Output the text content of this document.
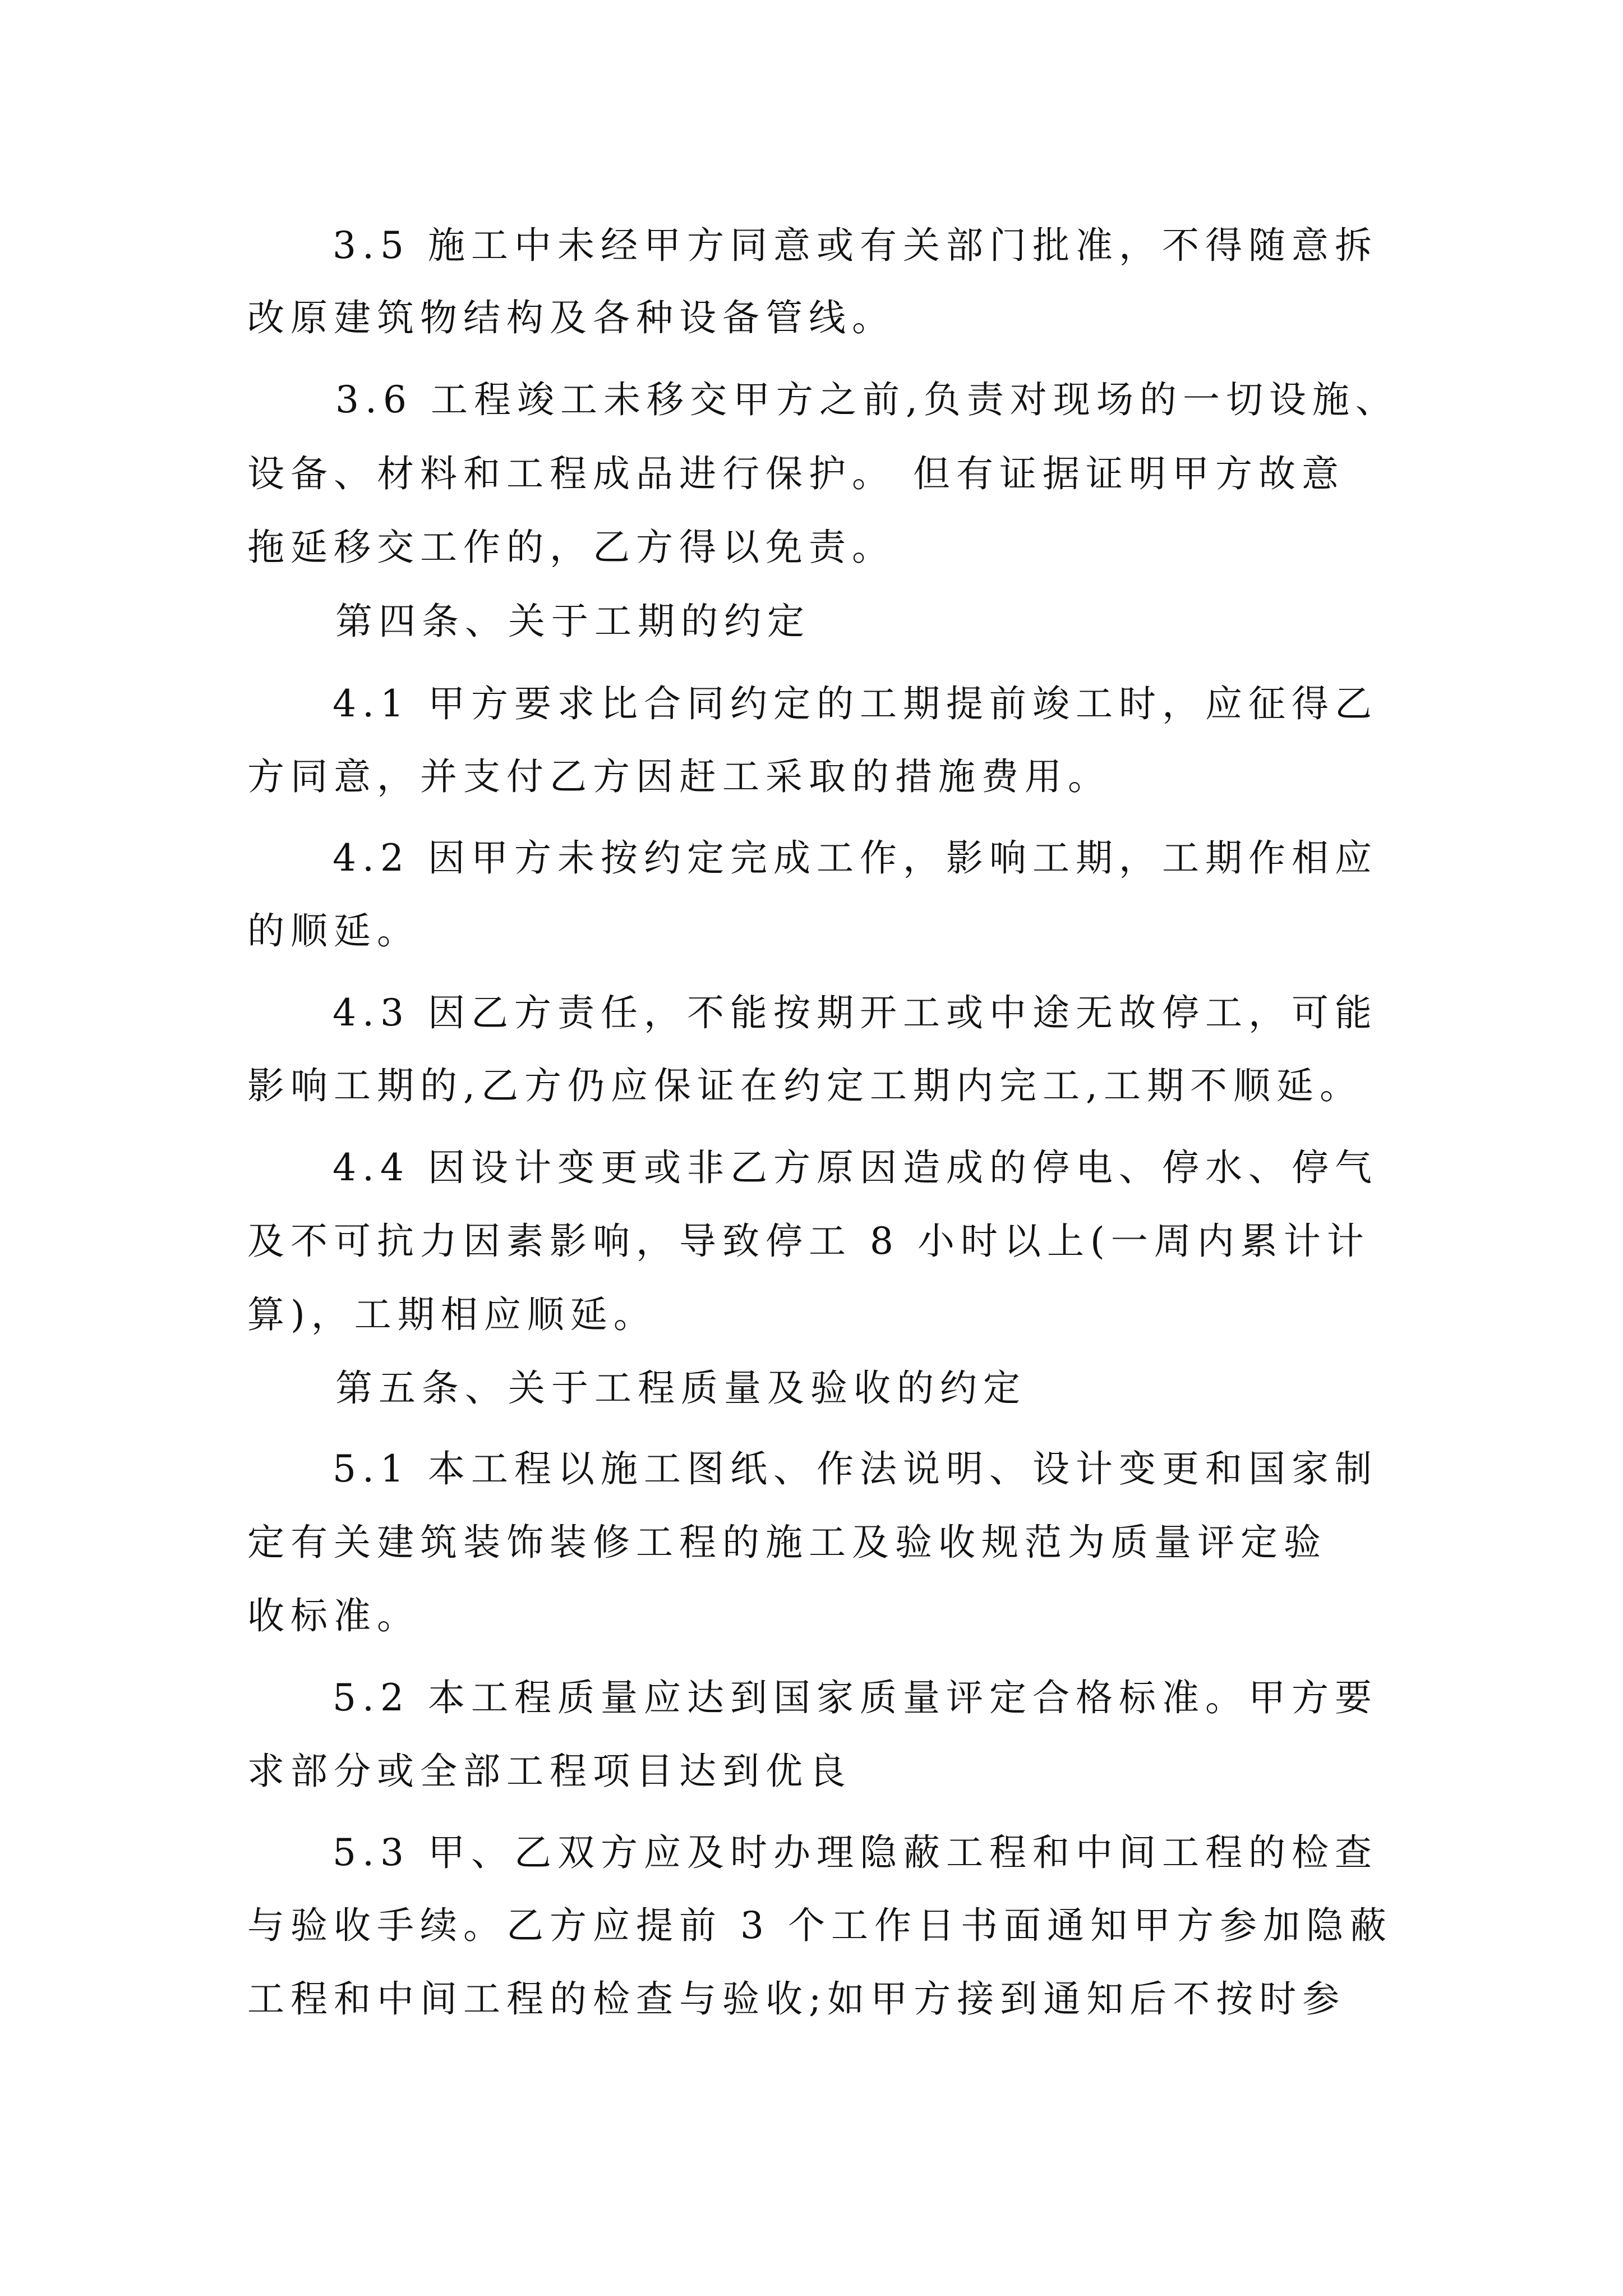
3.5 施工中未经甲方同意或有关部门批准，不得随意拆
改原建筑物结构及各种设备管线。
3.6 工程竣工未移交甲方之前,负责对现场的一切设施、
设备、材料和工程成品进行保护。 但有证据证明甲方故意
拖延移交工作的，乙方得以免责。
第四条、关于工期的约定
4.1 甲方要求比合同约定的工期提前竣工时，应征得乙
方同意，并支付乙方因赶工采取的措施费用。
4.2 因甲方未按约定完成工作，影响工期，工期作相应
的顺延。
4.3 因乙方责任，不能按期开工或中途无故停工，可能
影响工期的,乙方仍应保证在约定工期内完工,工期不顺延。
4.4 因设计变更或非乙方原因造成的停电、停水、停气
及不可抗力因素影响，导致停工 8 小时以上(一周内累计计
算)，工期相应顺延。
第五条、关于工程质量及验收的约定
5.1 本工程以施工图纸、作法说明、设计变更和国家制
定有关建筑装饰装修工程的施工及验收规范为质量评定验
收标准。
5.2 本工程质量应达到国家质量评定合格标准。甲方要
求部分或全部工程项目达到优良
5.3 甲、乙双方应及时办理隐蔽工程和中间工程的检查
与验收手续。乙方应提前 3 个工作日书面通知甲方参加隐蔽
工程和中间工程的检查与验收;如甲方接到通知后不按时参
